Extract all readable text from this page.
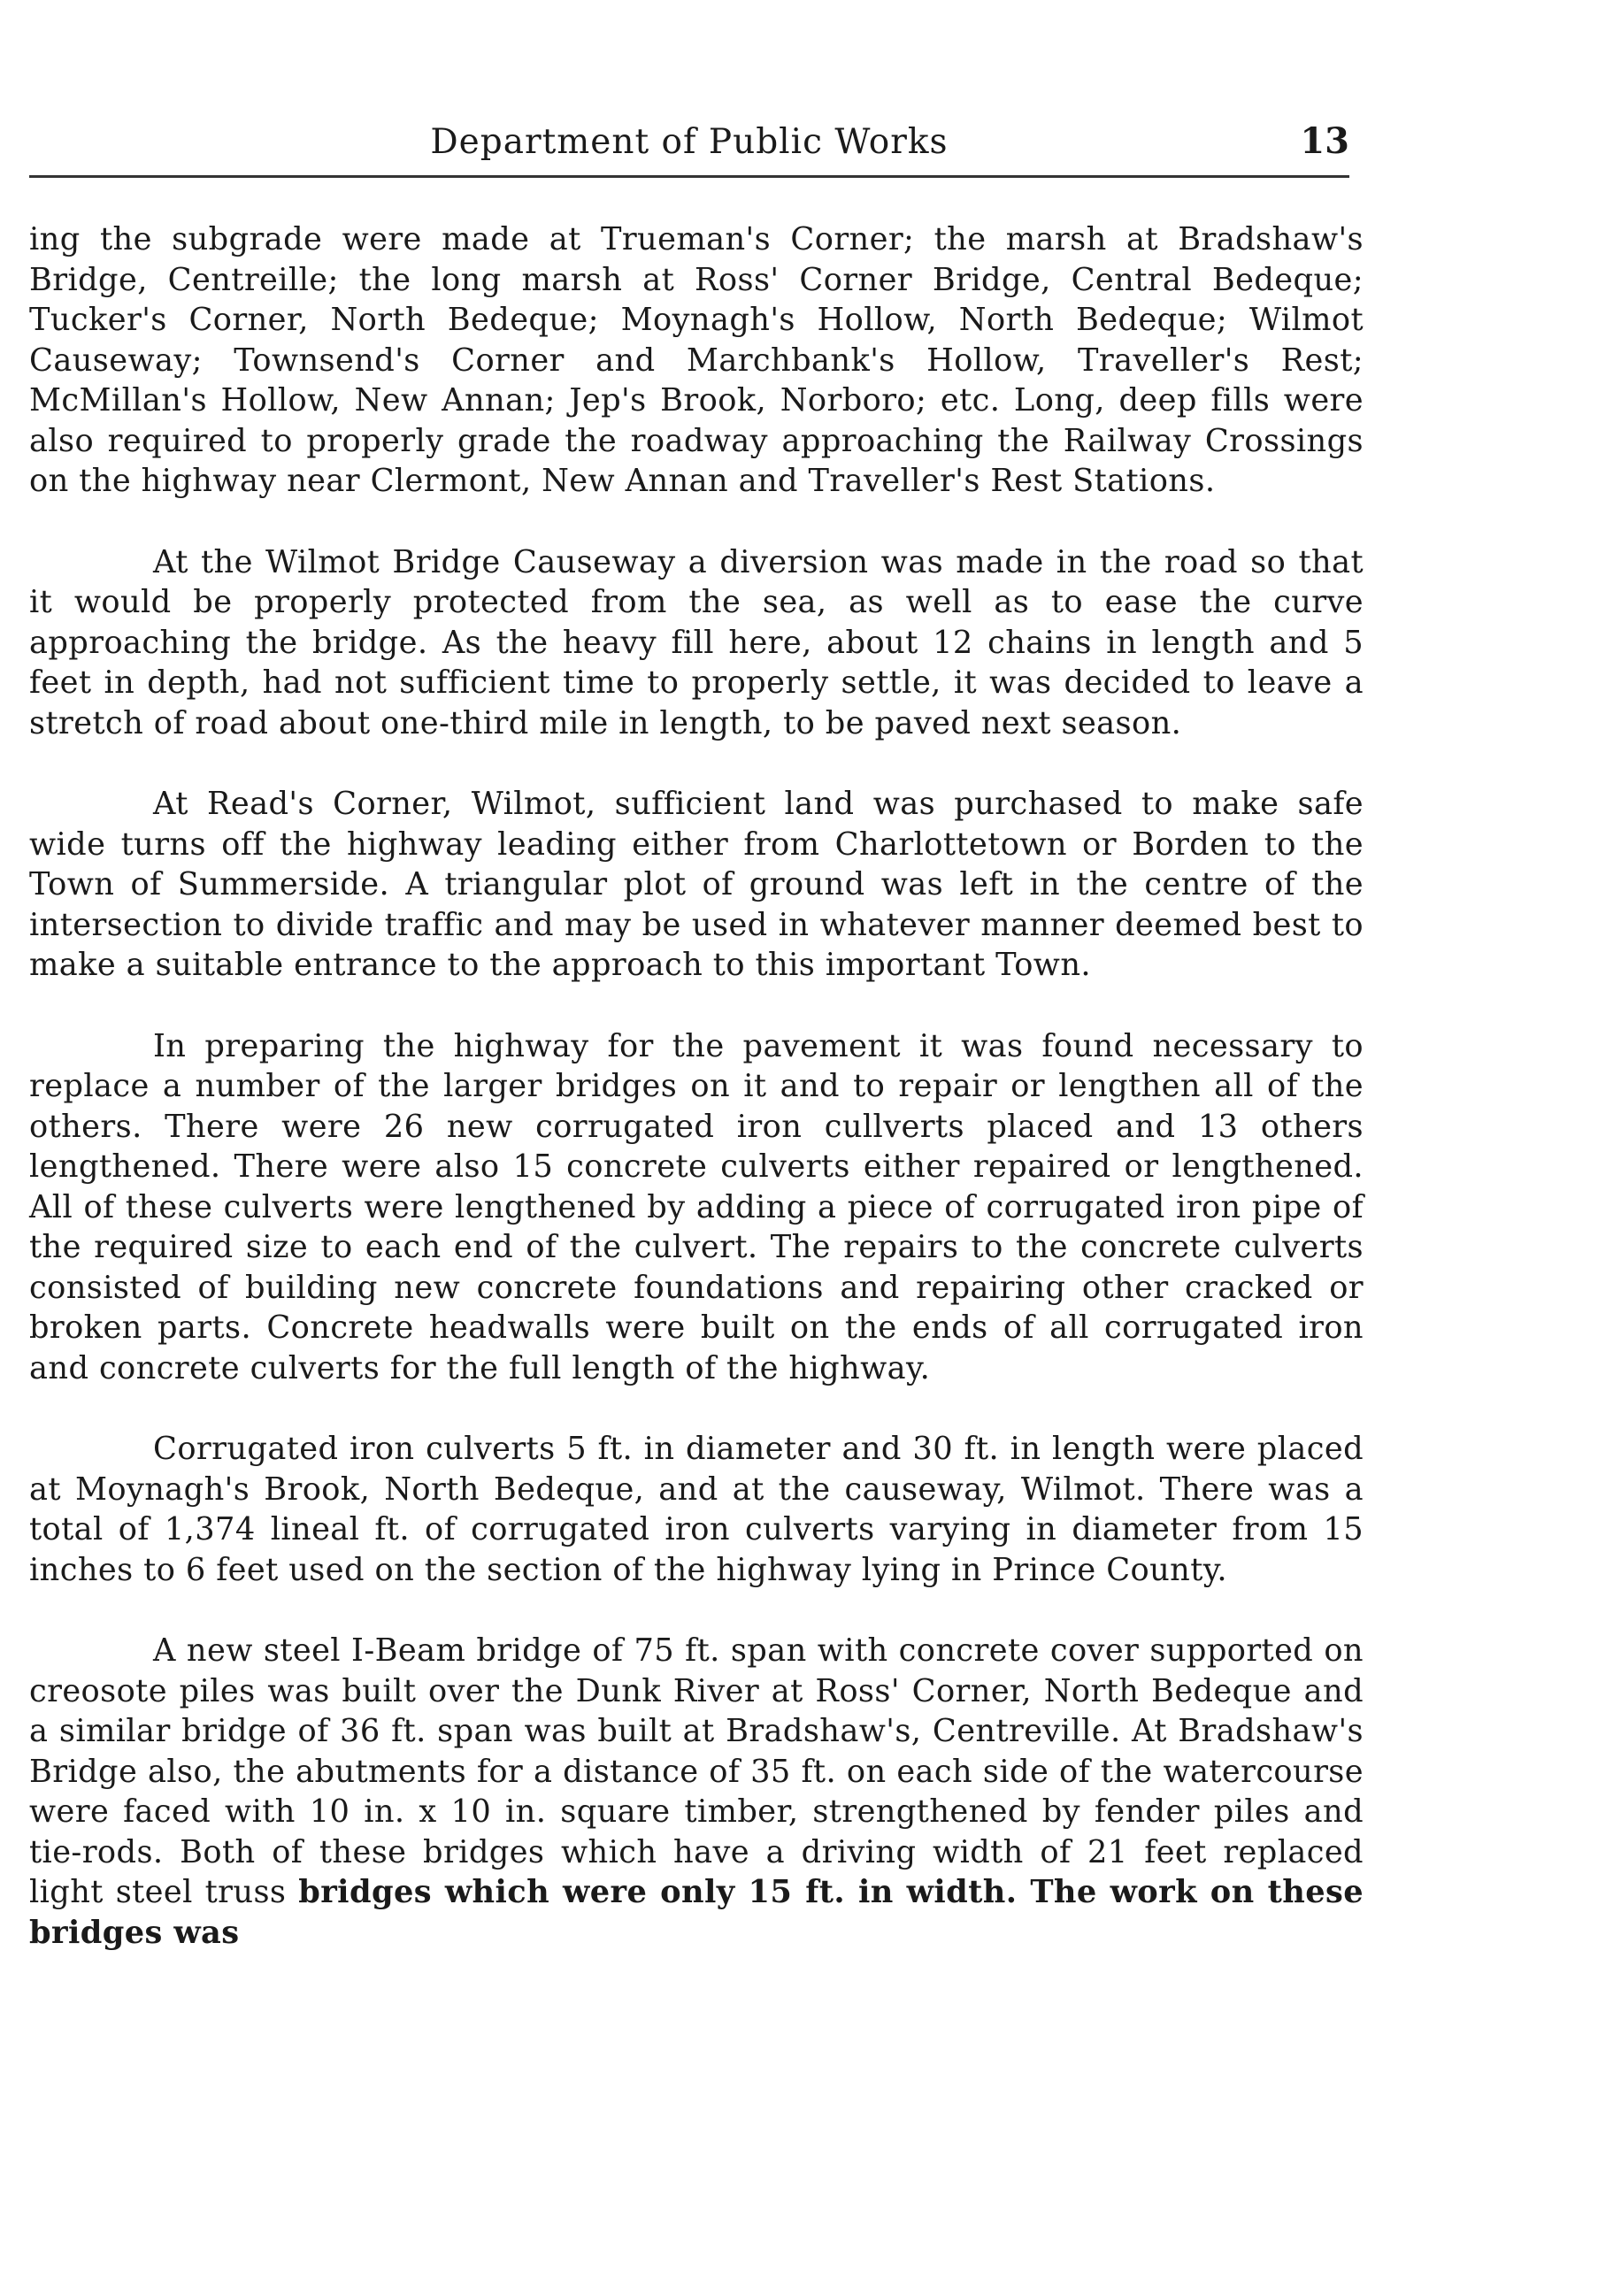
Department of Public Works	13

ing the subgrade were made at Trueman's Corner; the marsh at Bradshaw's Bridge, Centreille; the long marsh at Ross' Corner Bridge, Central Bedeque; Tucker's Corner, North Bedeque; Moynagh's Hollow, North Bedeque; Wilmot Causeway; Townsend's Corner and Marchbank's Hollow, Traveller's Rest; McMillan's Hollow, New Annan; Jep's Brook, Norboro; etc. Long, deep fills were also required to properly grade the roadway approaching the Railway Crossings on the highway near Clermont, New Annan and Traveller's Rest Stations.

At the Wilmot Bridge Causeway a diversion was made in the road so that it would be properly protected from the sea, as well as to ease the curve approaching the bridge. As the heavy fill here, about 12 chains in length and 5 feet in depth, had not sufficient time to properly settle, it was decided to leave a stretch of road about one-third mile in length, to be paved next season.

At Read's Corner, Wilmot, sufficient land was purchased to make safe wide turns off the highway leading either from Charlottetown or Borden to the Town of Summerside. A triangular plot of ground was left in the centre of the intersection to divide traffic and may be used in whatever manner deemed best to make a suitable entrance to the approach to this important Town.

In preparing the highway for the pavement it was found necessary to replace a number of the larger bridges on it and to repair or lengthen all of the others. There were 26 new corrugated iron cullverts placed and 13 others lengthened. There were also 15 concrete culverts either repaired or lengthened. All of these culverts were lengthened by adding a piece of corrugated iron pipe of the required size to each end of the culvert. The repairs to the concrete culverts consisted of building new concrete foundations and repairing other cracked or broken parts. Concrete headwalls were built on the ends of all corrugated iron and concrete culverts for the full length of the highway.

Corrugated iron culverts 5 ft. in diameter and 30 ft. in length were placed at Moynagh's Brook, North Bedeque, and at the causeway, Wilmot. There was a total of 1,374 lineal ft. of corrugated iron culverts varying in diameter from 15 inches to 6 feet used on the section of the highway lying in Prince County.

A new steel I-Beam bridge of 75 ft. span with concrete cover supported on creosote piles was built over the Dunk River at Ross' Corner, North Bedeque and a similar bridge of 36 ft. span was built at Bradshaw's, Centreville. At Bradshaw's Bridge also, the abutments for a distance of 35 ft. on each side of the watercourse were faced with 10 in. x 10 in. square timber, strengthened by fender piles and tie-rods. Both of these bridges which have a driving width of 21 feet replaced light steel truss bridges which were only 15 ft. in width. The work on these bridges was
